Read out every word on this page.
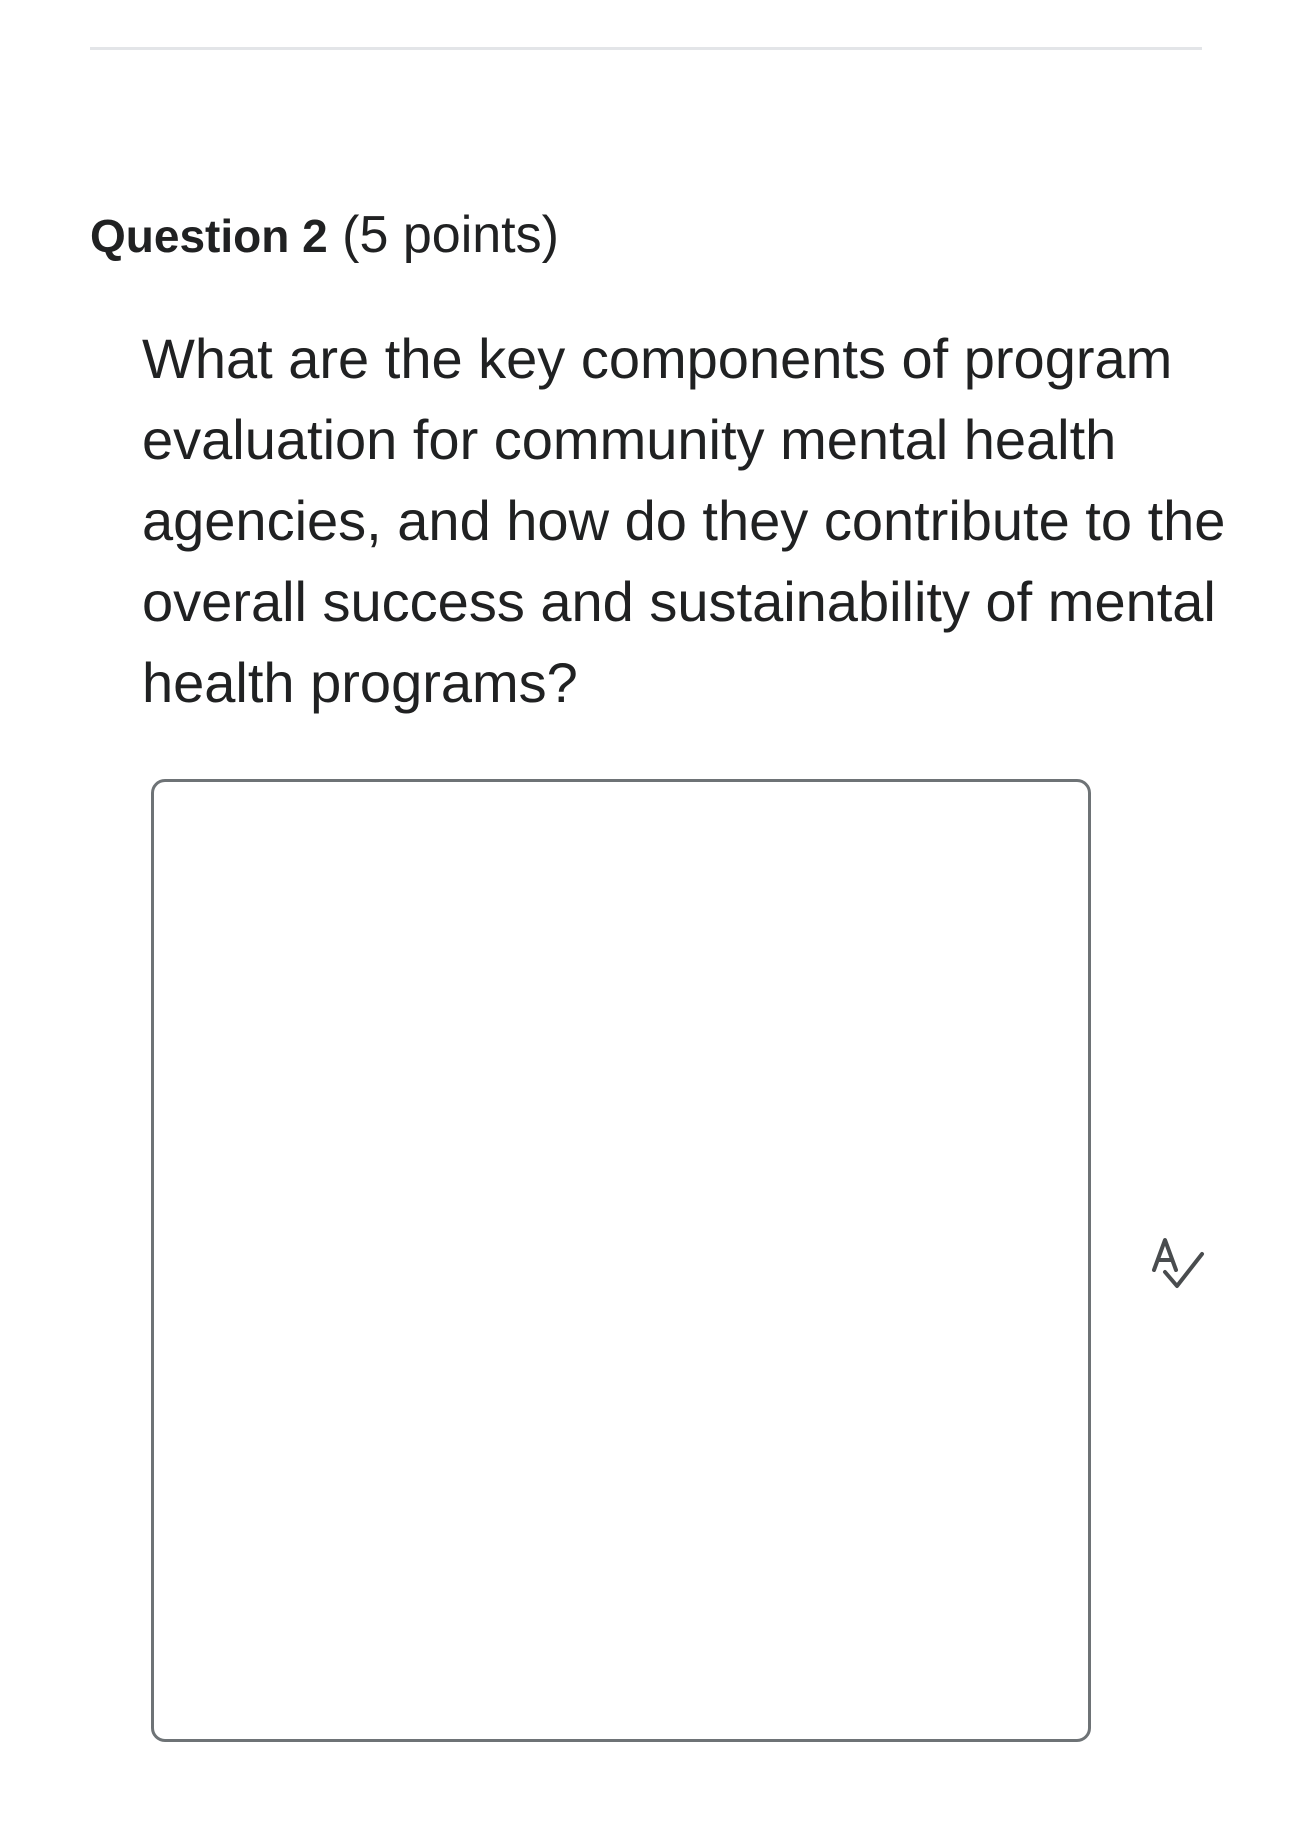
Question 2 (5 points)
What are the key components of program evaluation for community mental health agencies, and how do they contribute to the overall success and sustainability of mental health programs?
